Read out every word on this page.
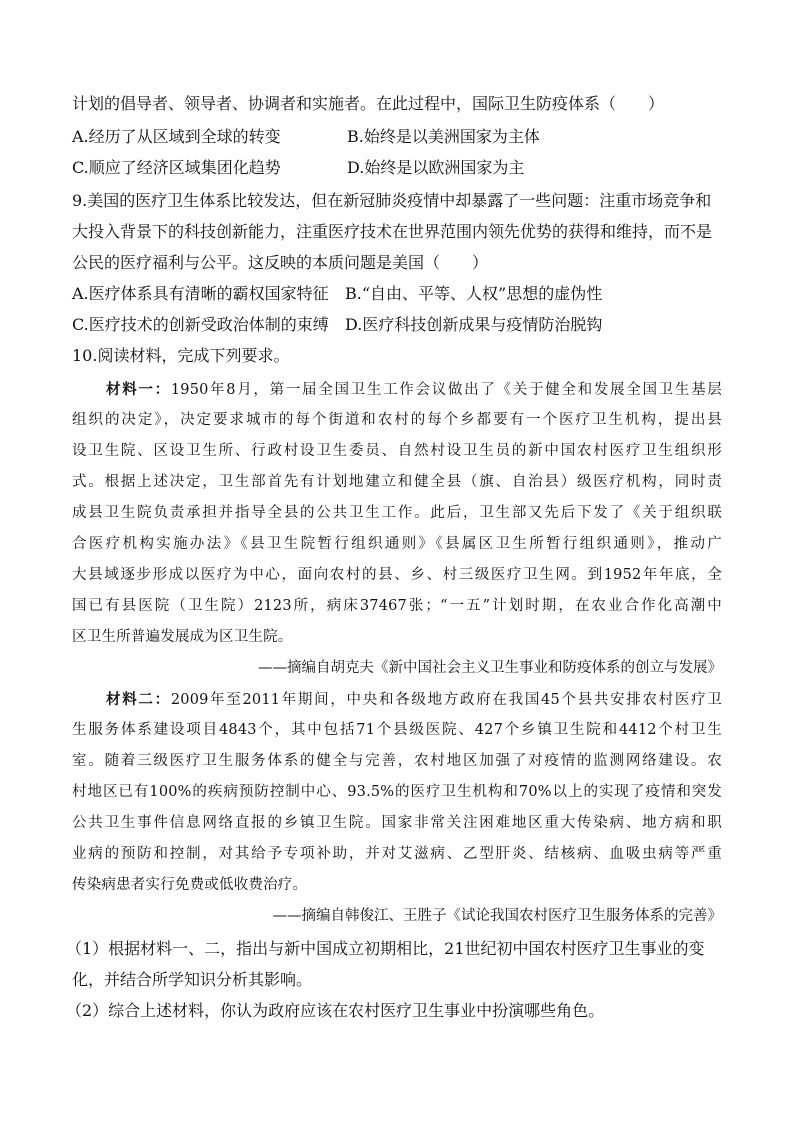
计划的倡导者、领导者、协调者和实施者。在此过程中，国际卫生防疫体系（　　）
A.经历了从区域到全球的转变	B.始终是以美洲国家为主体
C.顺应了经济区域集团化趋势	D.始终是以欧洲国家为主
9.美国的医疗卫生体系比较发达，但在新冠肺炎疫情中却暴露了一些问题：注重市场竞争和
大投入背景下的科技创新能力，注重医疗技术在世界范围内领先优势的获得和维持，而不是
公民的医疗福利与公平。这反映的本质问题是美国（　　）
A.医疗体系具有清晰的霸权国家特征 B.“自由、平等、人权”思想的虚伪性
C.医疗技术的创新受政治体制的束缚 D.医疗科技创新成果与疫情防治脱钩
10.阅读材料，完成下列要求。
材料一：1950年8月，第一届全国卫生工作会议做出了《关于健全和发展全国卫生基层
组织的决定》，决定要求城市的每个街道和农村的每个乡都要有一个医疗卫生机构，提出县
设卫生院、区设卫生所、行政村设卫生委员、自然村设卫生员的新中国农村医疗卫生组织形
式。根据上述决定，卫生部首先有计划地建立和健全县（旗、自治县）级医疗机构，同时责
成县卫生院负责承担并指导全县的公共卫生工作。此后，卫生部又先后下发了《关于组织联
合医疗机构实施办法》《县卫生院暂行组织通则》《县属区卫生所暂行组织通则》，推动广
大县域逐步形成以医疗为中心，面向农村的县、乡、村三级医疗卫生网。到1952年年底，全
国已有县医院（卫生院）2123所，病床37467张；“一五”计划时期，在农业合作化高潮中
区卫生所普遍发展成为区卫生院。
——摘编自胡克夫《新中国社会主义卫生事业和防疫体系的创立与发展》
材料二：2009年至2011年期间，中央和各级地方政府在我国45个县共安排农村医疗卫
生服务体系建设项目4843个，其中包括71个县级医院、427个乡镇卫生院和4412个村卫生
室。随着三级医疗卫生服务体系的健全与完善，农村地区加强了对疫情的监测网络建设。农
村地区已有100%的疾病预防控制中心、93.5%的医疗卫生机构和70%以上的实现了疫情和突发
公共卫生事件信息网络直报的乡镇卫生院。国家非常关注困难地区重大传染病、地方病和职
业病的预防和控制，对其给予专项补助，并对艾滋病、乙型肝炎、结核病、血吸虫病等严重
传染病患者实行免费或低收费治疗。
——摘编自韩俊江、王胜子《试论我国农村医疗卫生服务体系的完善》
（1）根据材料一、二，指出与新中国成立初期相比，21世纪初中国农村医疗卫生事业的变
化，并结合所学知识分析其影响。
（2）综合上述材料，你认为政府应该在农村医疗卫生事业中扮演哪些角色。
